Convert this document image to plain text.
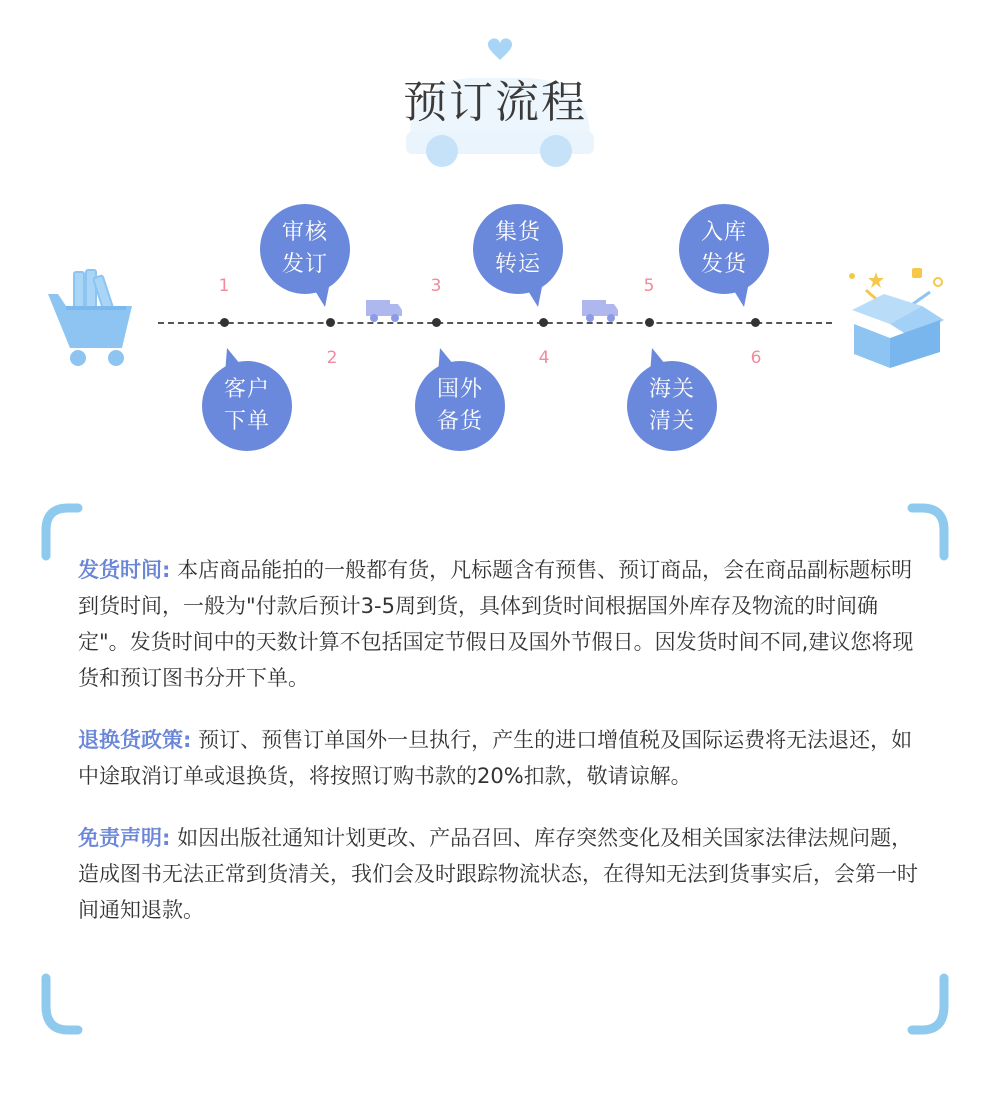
预订流程
1
2
3
4
5
6
审核
发订
集货
转运
入库
发货
客户
下单
国外
备货
海关
清关

发货时间: 本店商品能拍的一般都有货，凡标题含有预售、预订商品，会在商品副标题标明到货时间，一般为"付款后预计3-5周到货，具体到货时间根据国外库存及物流的时间确定"。发货时间中的天数计算不包括国定节假日及国外节假日。因发货时间不同,建议您将现货和预订图书分开下单。

退换货政策: 预订、预售订单国外一旦执行，产生的进口增值税及国际运费将无法退还，如中途取消订单或退换货，将按照订购书款的20%扣款，敬请谅解。

免责声明: 如因出版社通知计划更改、产品召回、库存突然变化及相关国家法律法规问题，造成图书无法正常到货清关，我们会及时跟踪物流状态，在得知无法到货事实后，会第一时间通知退款。
